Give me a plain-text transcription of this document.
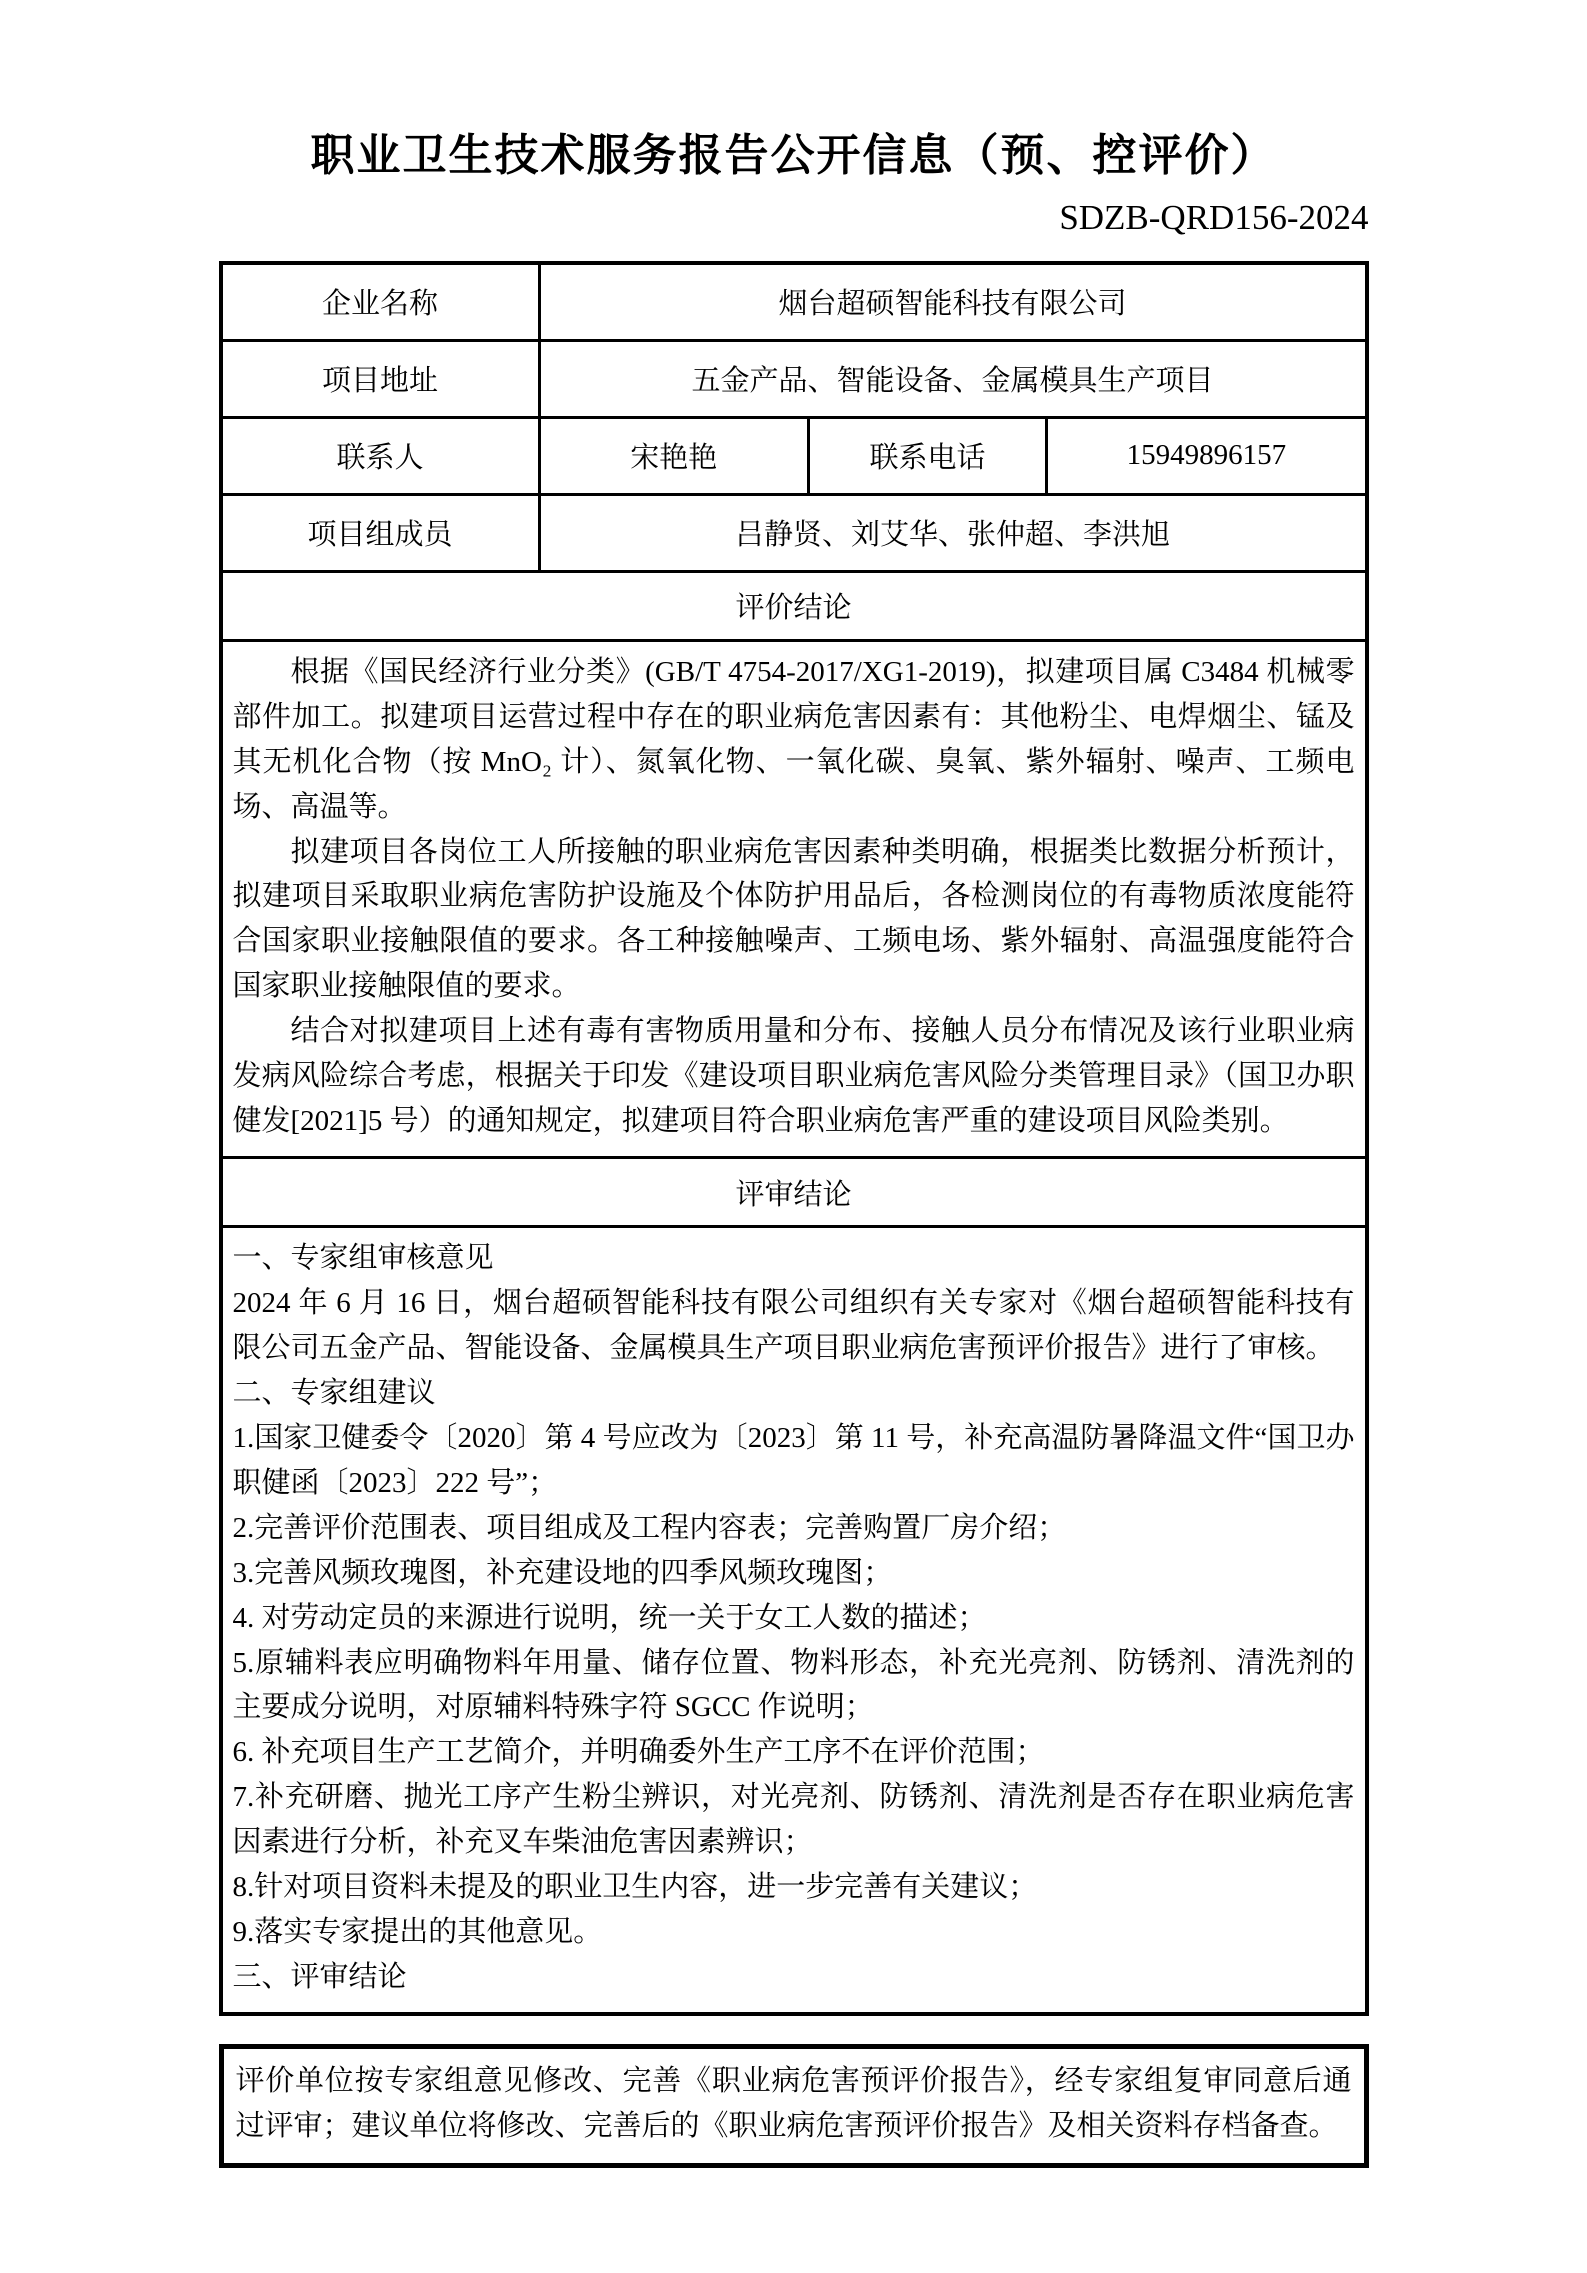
职业卫生技术服务报告公开信息（预、控评价）
SDZB-QRD156-2024
企业名称	烟台超硕智能科技有限公司		
项目地址	五金产品、智能设备、金属模具生产项目		
联系人	宋艳艳	联系电话	15949896157
项目组成员	吕静贤、刘艾华、张仲超、李洪旭		
评价结论			

根据《国民经济行业分类》(GB/T 4754-2017/XG1-2019)，拟建项目属 C3484 机械零部件加工。拟建项目运营过程中存在的职业病危害因素有：其他粉尘、电焊烟尘、锰及其无机化合物（按 MnO₂ 计）、氮氧化物、一氧化碳、臭氧、紫外辐射、噪声、工频电场、高温等。
拟建项目各岗位工人所接触的职业病危害因素种类明确，根据类比数据分析预计，拟建项目采取职业病危害防护设施及个体防护用品后，各检测岗位的有毒物质浓度能符合国家职业接触限值的要求。各工种接触噪声、工频电场、紫外辐射、高温强度能符合国家职业接触限值的要求。
结合对拟建项目上述有毒有害物质用量和分布、接触人员分布情况及该行业职业病发病风险综合考虑，根据关于印发《建设项目职业病危害风险分类管理目录》（国卫办职健发[2021]5 号）的通知规定，拟建项目符合职业病危害严重的建设项目风险类别。			

评审结论			

一、专家组审核意见
2024 年 6 月 16 日，烟台超硕智能科技有限公司组织有关专家对《烟台超硕智能科技有限公司五金产品、智能设备、金属模具生产项目职业病危害预评价报告》进行了审核。
二、专家组建议
1.国家卫健委令〔2020〕第 4 号应改为〔2023〕第 11 号，补充高温防暑降温文件“国卫办职健函〔2023〕222 号”；
2.完善评价范围表、项目组成及工程内容表；完善购置厂房介绍；
3.完善风频玫瑰图，补充建设地的四季风频玫瑰图；
4. 对劳动定员的来源进行说明，统一关于女工人数的描述；
5.原辅料表应明确物料年用量、储存位置、物料形态，补充光亮剂、防锈剂、清洗剂的主要成分说明，对原辅料特殊字符 SGCC 作说明；
6. 补充项目生产工艺简介，并明确委外生产工序不在评价范围；
7.补充研磨、抛光工序产生粉尘辨识，对光亮剂、防锈剂、清洗剂是否存在职业病危害因素进行分析，补充叉车柴油危害因素辨识；
8.针对项目资料未提及的职业卫生内容，进一步完善有关建议；
9.落实专家提出的其他意见。
三、评审结论
评价单位按专家组意见修改、完善《职业病危害预评价报告》，经专家组复审同意后通过评审；建议单位将修改、完善后的《职业病危害预评价报告》及相关资料存档备查。
